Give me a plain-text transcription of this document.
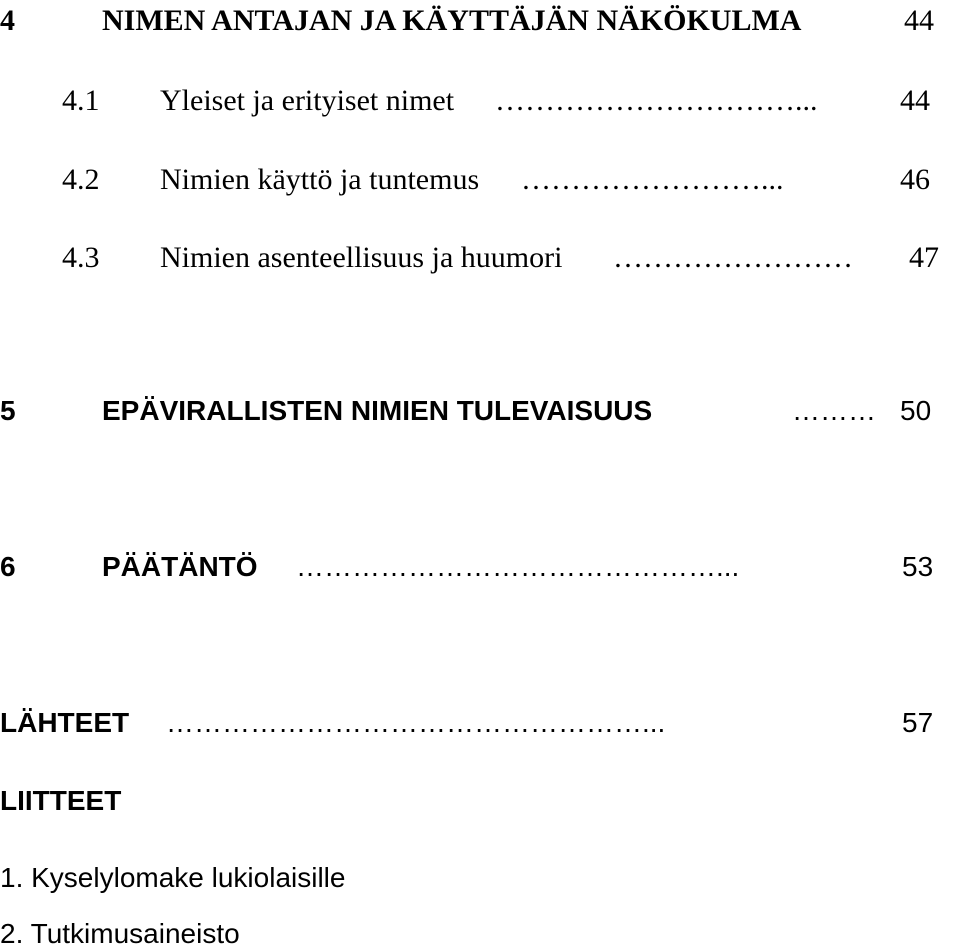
4	NIMEN ANTAJAN JA KÄYTTÄJÄN NÄKÖKULMA	44
4.1 Yleiset ja erityiset nimet …………………………...	44
4.2 Nimien käyttö ja tuntemus ……………………...	46
4.3 Nimien asenteellisuus ja huumori ……………………	47
5	EPÄVIRALLISTEN NIMIEN TULEVAISUUS	……… 50
6	PÄÄTÄNTÖ ………………………………………...	53
LÄHTEET ……………………………………………...	57
LIITTEET
1. Kyselylomake lukiolaisille
2. Tutkimusaineisto
